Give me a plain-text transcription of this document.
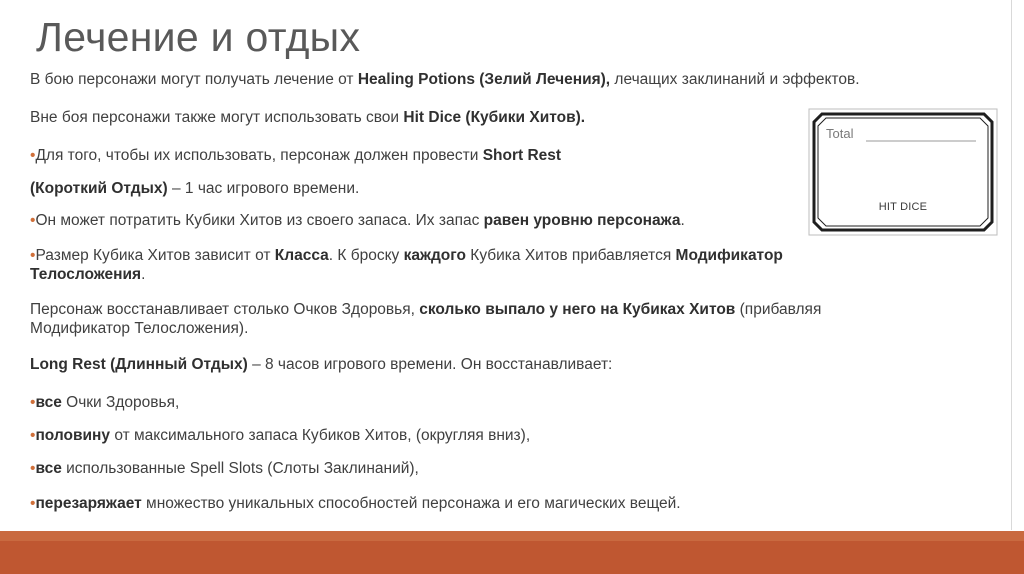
Лечение и отдых
В бою персонажи могут получать лечение от Healing Potions (Зелий Лечения), лечащих заклинаний и эффектов.
Вне боя персонажи также могут использовать свои Hit Dice (Кубики Хитов).
•Для того, чтобы их использовать, персонаж должен провести Short Rest
(Короткий Отдых) – 1 час игрового времени.
•Он может потратить Кубики Хитов из своего запаса. Их запас равен уровню персонажа.
•Размер Кубика Хитов зависит от Класса. К броску каждого Кубика Хитов прибавляется Модификатор
Телосложения.
Персонаж восстанавливает столько Очков Здоровья, сколько выпало у него на Кубиках Хитов (прибавляя
Модификатор Телосложения).
Long Rest (Длинный Отдых) – 8 часов игрового времени. Он восстанавливает:
•все Очки Здоровья,
•половину от максимального запаса Кубиков Хитов, (округляя вниз),
•все использованные Spell Slots (Слоты Заклинаний),
•перезаряжает множество уникальных способностей персонажа и его магических вещей.
Total
HIT DICE
